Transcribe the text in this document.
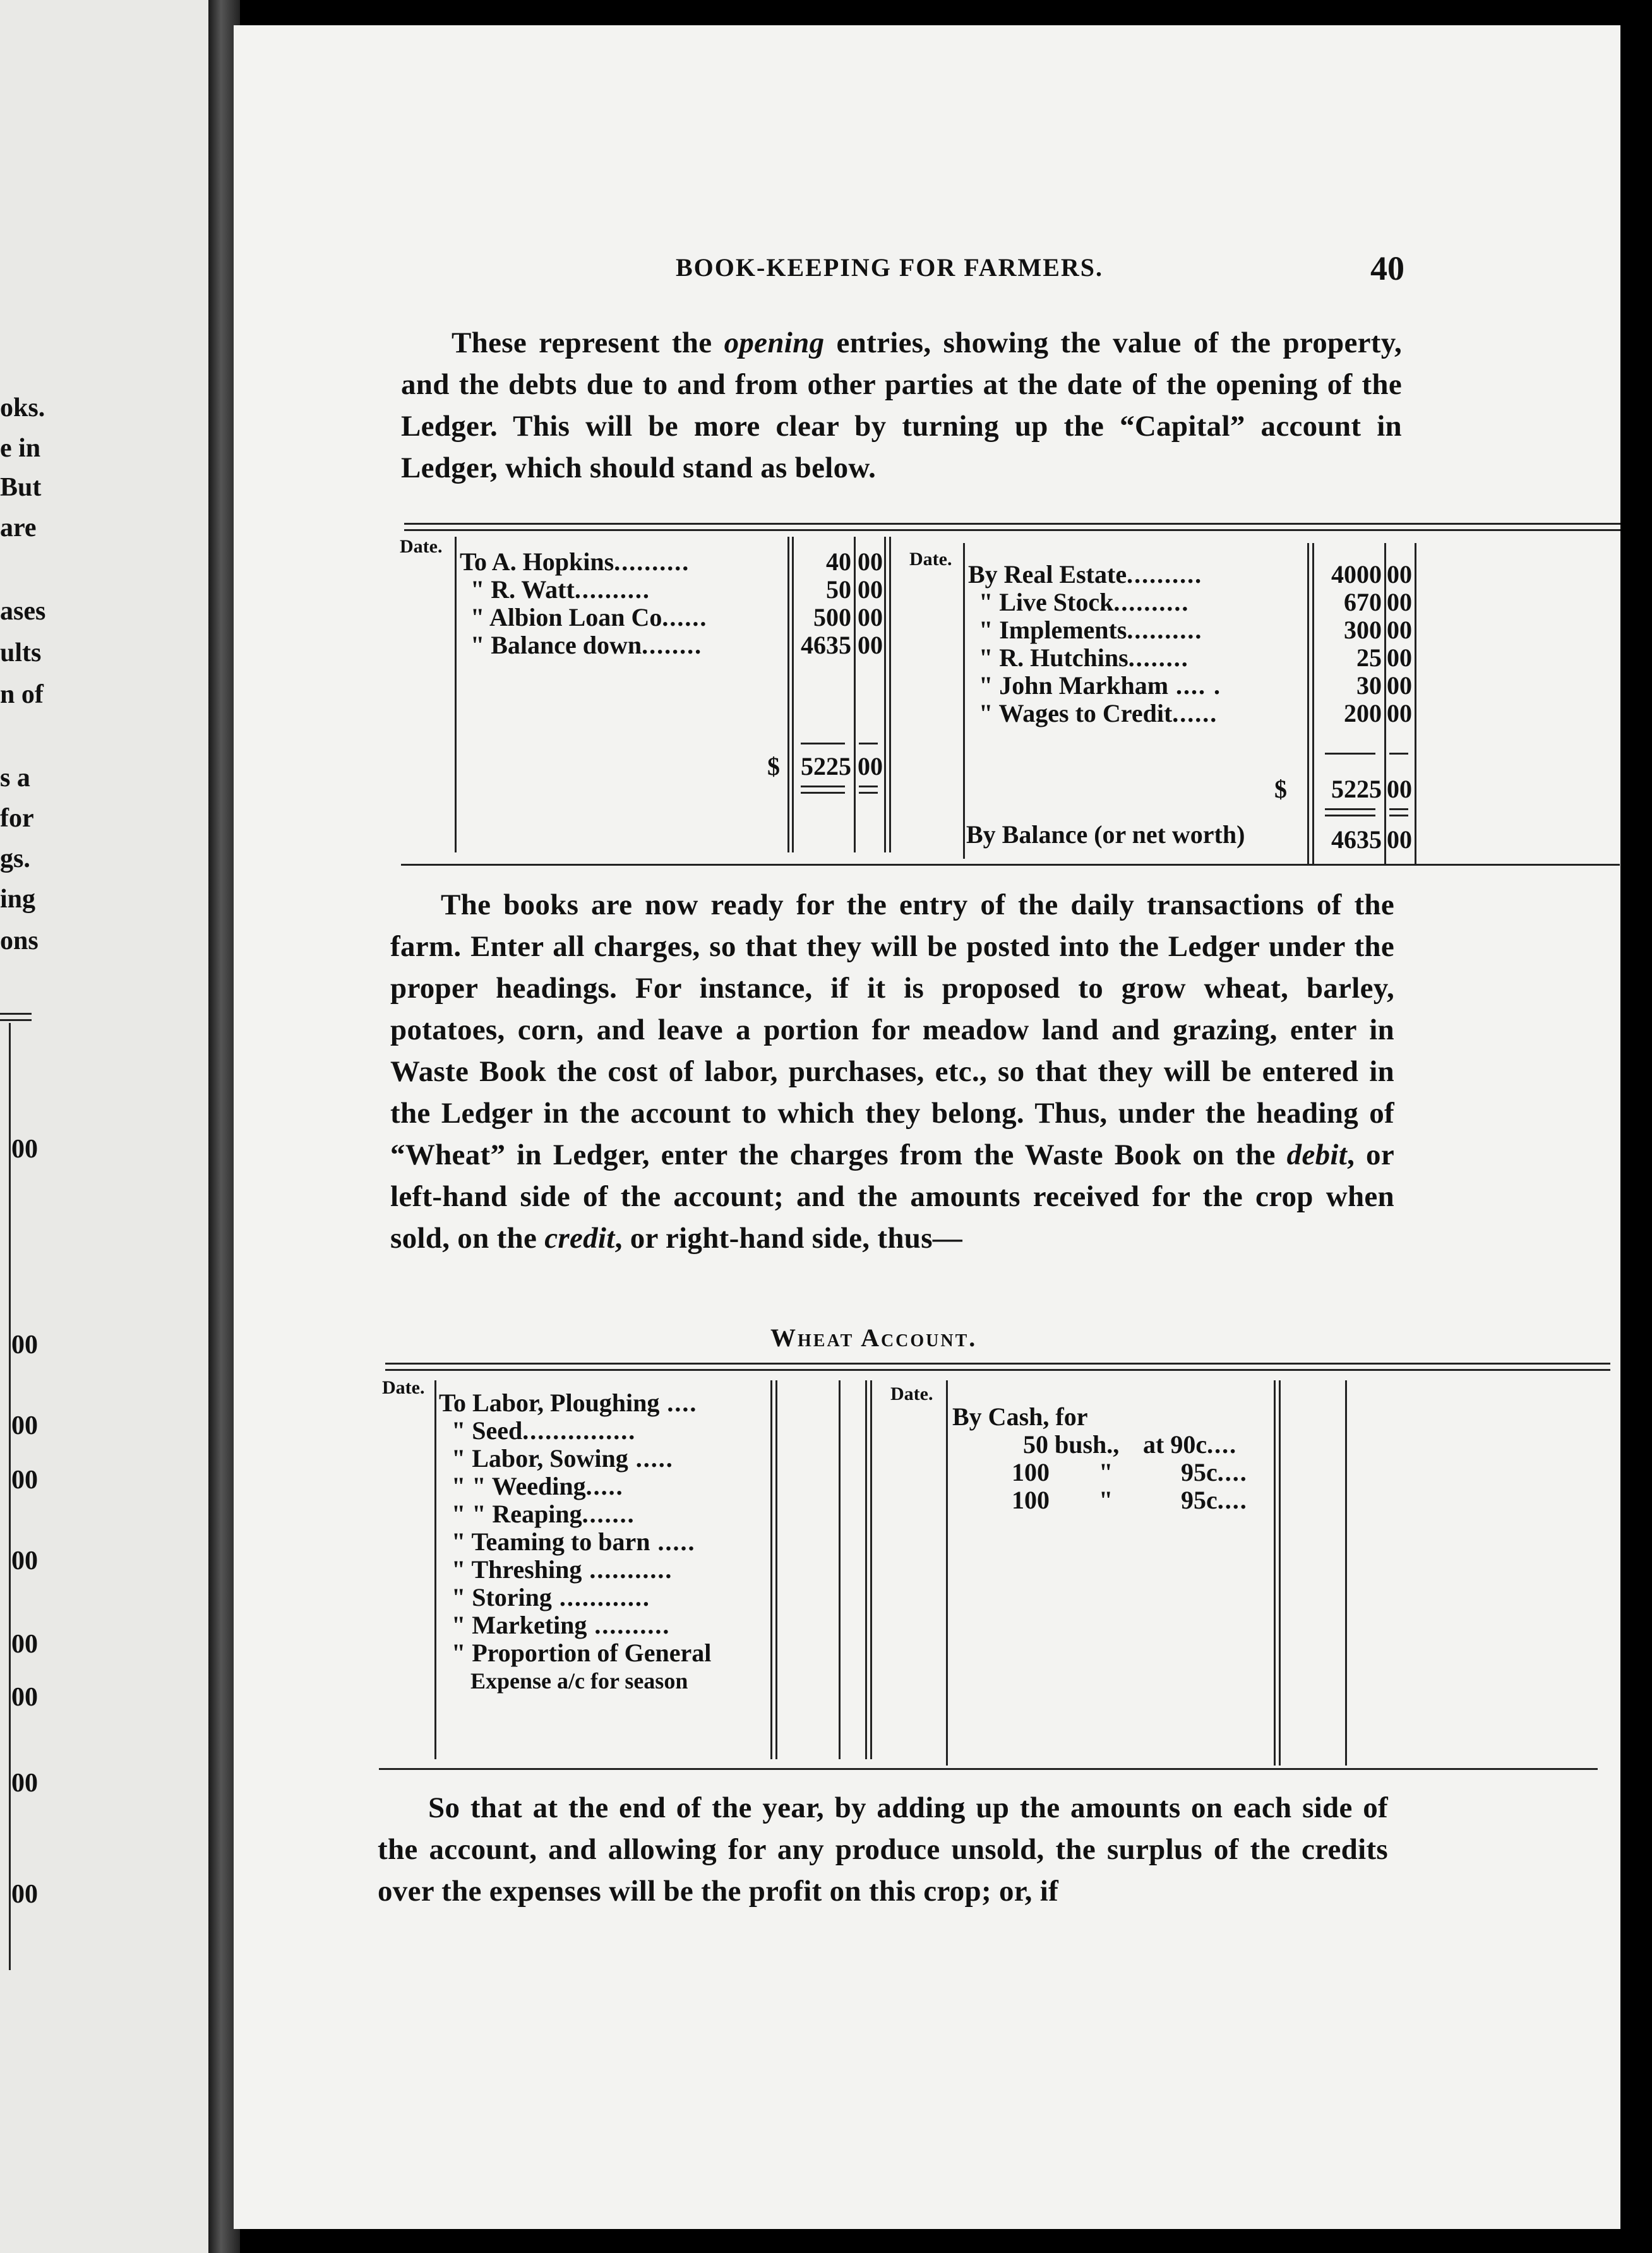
oks.
e in
But
are
ases
ults
n of
s a
for
gs.
ing
ons
00
00
00
00
00
00
00
00
00
BOOK-KEEPING FOR FARMERS.	40
These represent the opening entries, showing the value of the property, and the debts due to and from other parties at the date of the opening of the Ledger. This will be more clear by turning up the “Capital” account in Ledger, which should stand as below.
Date.
Date.
To A. Hopkins..........	40 00
" R. Watt..........	50 00
" Albion Loan Co......	500 00
" Balance down........	4635 00
$ 5225 00
By Real Estate..........	4000 00
" Live Stock..........	670 00
" Implements..........	300 00
" R. Hutchins........	25 00
" John Markham .... .	30 00
" Wages to Credit......	200 00
$	5225 00
By Balance (or net worth)	4635 00
The books are now ready for the entry of the daily transactions of the farm. Enter all charges, so that they will be posted into the Ledger under the proper headings. For instance, if it is proposed to grow wheat, barley, potatoes, corn, and leave a portion for meadow land and grazing, enter in Waste Book the cost of labor, purchases, etc., so that they will be entered in the Ledger in the account to which they belong. Thus, under the heading of “Wheat” in Ledger, enter the charges from the Waste Book on the debit, or left-hand side of the account; and the amounts received for the crop when sold, on the credit, or right-hand side, thus—
Wheat Account.
Date.	Date.
To Labor, Ploughing ....
" Seed...............
" Labor, Sowing .....
" " Weeding.....
" " Reaping.......
" Teaming to barn .....
" Threshing ...........
" Storing ............
" Marketing ..........
" Proportion of General
Expense a/c for season
By Cash, for
50 bush., at 90c....
100 "	95c....
100 "	95c....
So that at the end of the year, by adding up the amounts on each side of the account, and allowing for any produce unsold, the surplus of the credits over the expenses will be the profit on this crop; or, if
